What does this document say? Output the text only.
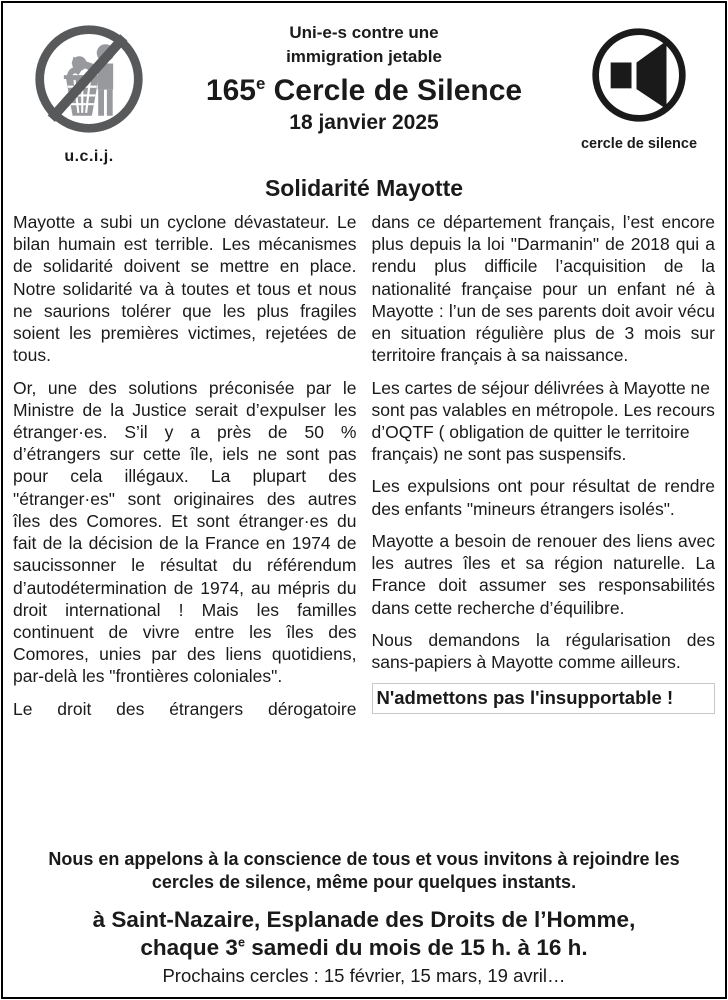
u.c.i.j.
Uni-e-s contre une
immigration jetable
165e Cercle de Silence
18 janvier 2025
cercle de silence
Solidarité Mayotte

Mayotte a subi un cyclone dévastateur. Le bilan humain est terrible. Les mécanismes de solidarité doivent se mettre en place. Notre solidarité va à toutes et tous et nous ne saurions tolérer que les plus fragiles soient les premières victimes, rejetées de tous.

Or, une des solutions préconisée par le Ministre de la Justice serait d’expulser les étranger·es. S’il y a près de 50 % d’étrangers sur cette île, iels ne sont pas pour cela illégaux. La plupart des "étranger·es" sont originaires des autres îles des Comores. Et sont étranger·es du fait de la décision de la France en 1974 de saucissonner le résultat du référendum d’autodétermination de 1974, au mépris du droit international ! Mais les familles continuent de vivre entre les îles des Comores, unies par des liens quotidiens, par-delà les "frontières coloniales".

Le droit des étrangers dérogatoire

dans ce département français, l’est encore plus depuis la loi "Darmanin" de 2018 qui a rendu plus difficile l’acquisition de la nationalité française pour un enfant né à Mayotte : l’un de ses parents doit avoir vécu en situation régulière plus de 3 mois sur territoire français à sa naissance.

Les cartes de séjour délivrées à Mayotte ne sont pas valables en métropole. Les recours d’OQTF ( obligation de quitter le territoire français) ne sont pas suspensifs.

Les expulsions ont pour résultat de rendre des enfants "mineurs étrangers isolés".

Mayotte a besoin de renouer des liens avec les autres îles et sa région naturelle. La France doit assumer ses responsabilités dans cette recherche d’équilibre.

Nous demandons la régularisation des sans-papiers à Mayotte comme ailleurs.

N'admettons pas l'insupportable !

Nous en appelons à la conscience de tous et vous invitons à rejoindre les cercles de silence, même pour quelques instants.

à Saint-Nazaire, Esplanade des Droits de l’Homme,
chaque 3e samedi du mois de 15 h. à 16 h.
Prochains cercles : 15 février, 15 mars, 19 avril…
